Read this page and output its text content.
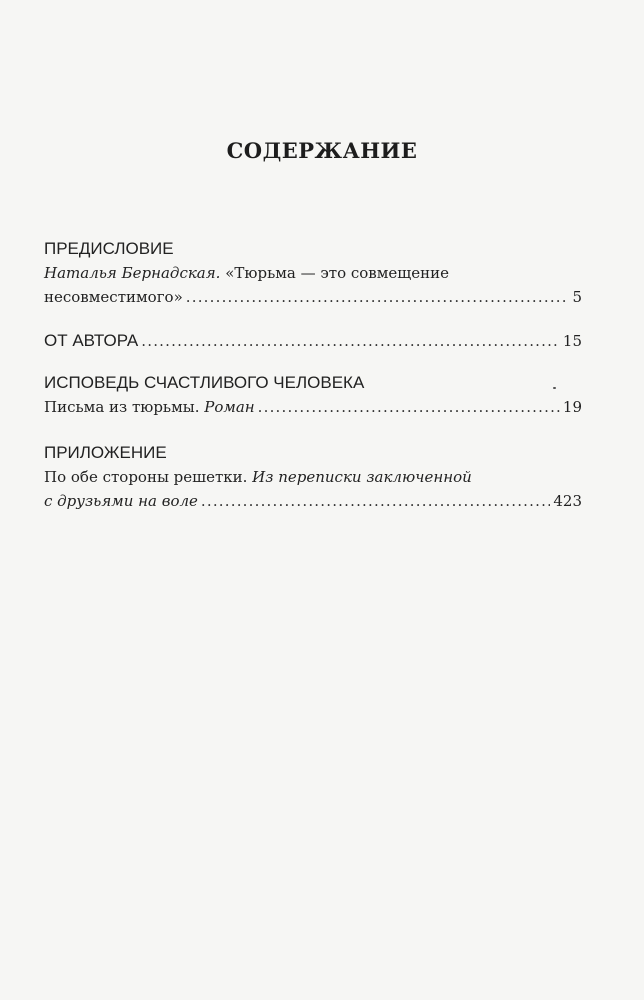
СОДЕРЖАНИЕ
ПРЕДИСЛОВИЕ
Наталья Бернадская. «Тюрьма — это совмещение
несовместимого» .....	5
ОТ АВТОРА .....	15
ИСПОВЕДЬ СЧАСТЛИВОГО ЧЕЛОВЕКА
Письма из тюрьмы. Роман .....	19
ПРИЛОЖЕНИЕ
По обе стороны решетки. Из переписки заключенной
с друзьями на воле .....	423
